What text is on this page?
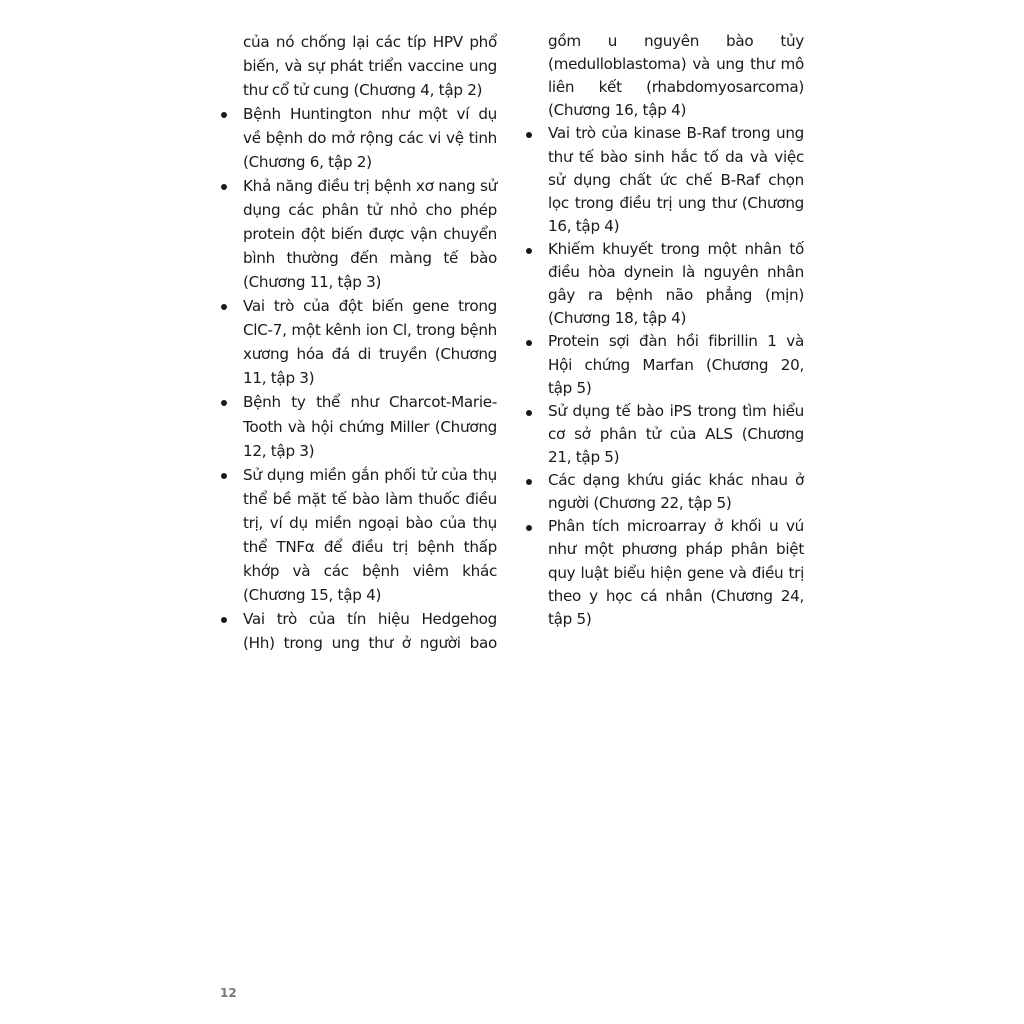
của nó chống lại các típ HPV phổ
biến, và sự phát triển vaccine ung
thư cổ tử cung (Chương 4, tập 2)
Bệnh Huntington như một ví dụ
về bệnh do mở rộng các vi vệ tinh
(Chương 6, tập 2)
Khả năng điều trị bệnh xơ nang sử
dụng các phân tử nhỏ cho phép
protein đột biến được vận chuyển
bình thường đến màng tế bào
(Chương 11, tập 3)
Vai trò của đột biến gene trong
ClC-7, một kênh ion Cl, trong bệnh
xương hóa đá di truyền (Chương
11, tập 3)
Bệnh ty thể như Charcot-Marie-
Tooth và hội chứng Miller (Chương
12, tập 3)
Sử dụng miền gắn phối tử của thụ
thể bề mặt tế bào làm thuốc điều
trị, ví dụ miền ngoại bào của thụ
thể TNFα để điều trị bệnh thấp
khớp và các bệnh viêm khác
(Chương 15, tập 4)
Vai trò của tín hiệu Hedgehog
(Hh) trong ung thư ở người bao
gồm u nguyên bào tủy
(medulloblastoma) và ung thư mô
liên kết (rhabdomyosarcoma)
(Chương 16, tập 4)
Vai trò của kinase B-Raf trong ung
thư tế bào sinh hắc tố da và việc
sử dụng chất ức chế B-Raf chọn
lọc trong điều trị ung thư (Chương
16, tập 4)
Khiếm khuyết trong một nhân tố
điều hòa dynein là nguyên nhân
gây ra bệnh não phẳng (mịn)
(Chương 18, tập 4)
Protein sợi đàn hồi fibrillin 1 và
Hội chứng Marfan (Chương 20,
tập 5)
Sử dụng tế bào iPS trong tìm hiểu
cơ sở phân tử của ALS (Chương
21, tập 5)
Các dạng khứu giác khác nhau ở
người (Chương 22, tập 5)
Phân tích microarray ở khối u vú
như một phương pháp phân biệt
quy luật biểu hiện gene và điều trị
theo y học cá nhân (Chương 24,
tập 5)
12
